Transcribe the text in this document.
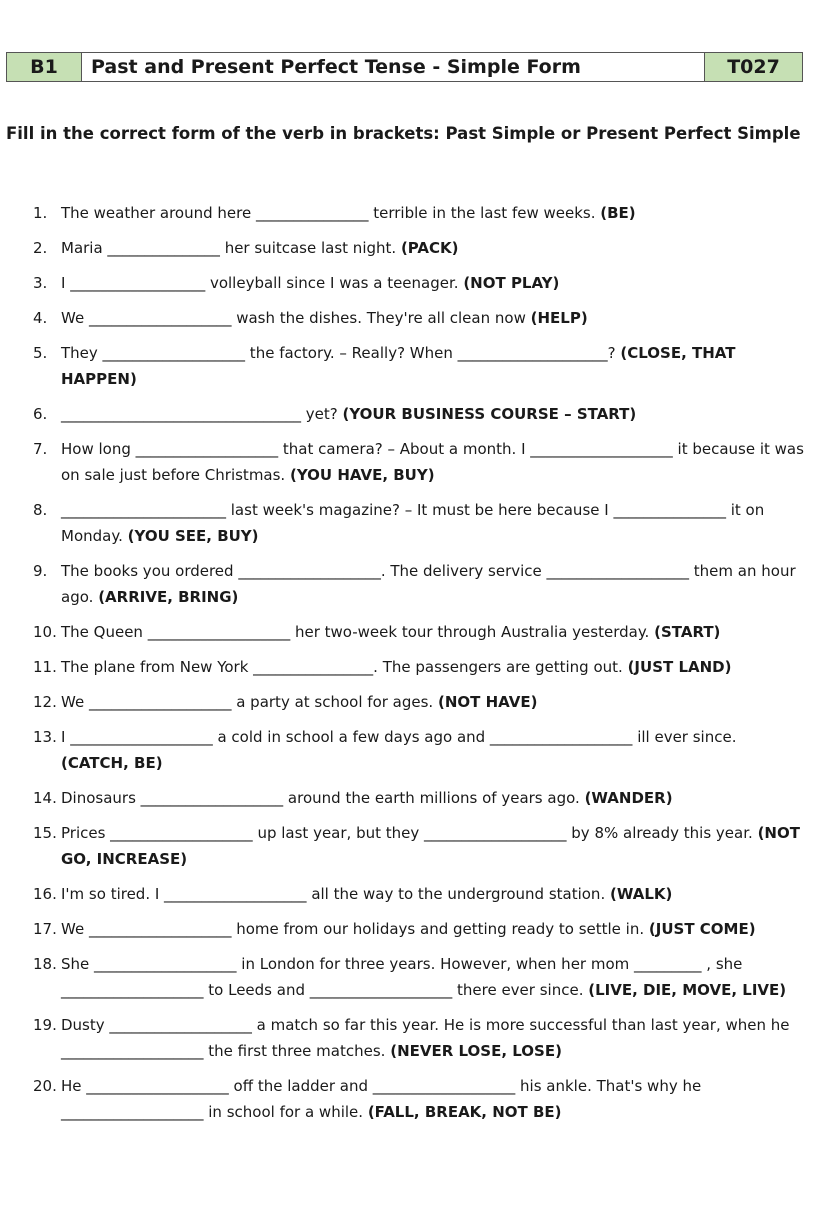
B1	Past and Present Perfect Tense - Simple Form	T027
Fill in the correct form of the verb in brackets: Past Simple or Present Perfect Simple
1. The weather around here _______________ terrible in the last few weeks. (BE)
2. Maria _______________ her suitcase last night. (PACK)
3. I __________________ volleyball since I was a teenager. (NOT PLAY)
4. We ___________________ wash the dishes. They're all clean now (HELP)
5. They ___________________ the factory. – Really? When ____________________? (CLOSE, THAT HAPPEN)
6. ________________________________ yet? (YOUR BUSINESS COURSE – START)
7. How long ___________________ that camera? – About a month. I ___________________ it because it was on sale just before Christmas. (YOU HAVE, BUY)
8. ______________________ last week's magazine? – It must be here because I _______________ it on Monday. (YOU SEE, BUY)
9. The books you ordered ___________________. The delivery service ___________________ them an hour ago. (ARRIVE, BRING)
10. The Queen ___________________ her two-week tour through Australia yesterday. (START)
11. The plane from New York ________________. The passengers are getting out. (JUST LAND)
12. We ___________________ a party at school for ages. (NOT HAVE)
13. I ___________________ a cold in school a few days ago and ___________________ ill ever since. (CATCH, BE)
14. Dinosaurs ___________________ around the earth millions of years ago. (WANDER)
15. Prices ___________________ up last year, but they ___________________ by 8% already this year. (NOT GO, INCREASE)
16. I'm so tired. I ___________________ all the way to the underground station. (WALK)
17. We ___________________ home from our holidays and getting ready to settle in. (JUST COME)
18. She ___________________ in London for three years. However, when her mom _________ , she ___________________ to Leeds and ___________________ there ever since. (LIVE, DIE, MOVE, LIVE)
19. Dusty ___________________ a match so far this year. He is more successful than last year, when he ___________________ the first three matches. (NEVER LOSE, LOSE)
20. He ___________________ off the ladder and ___________________ his ankle. That's why he ___________________ in school for a while. (FALL, BREAK, NOT BE)
